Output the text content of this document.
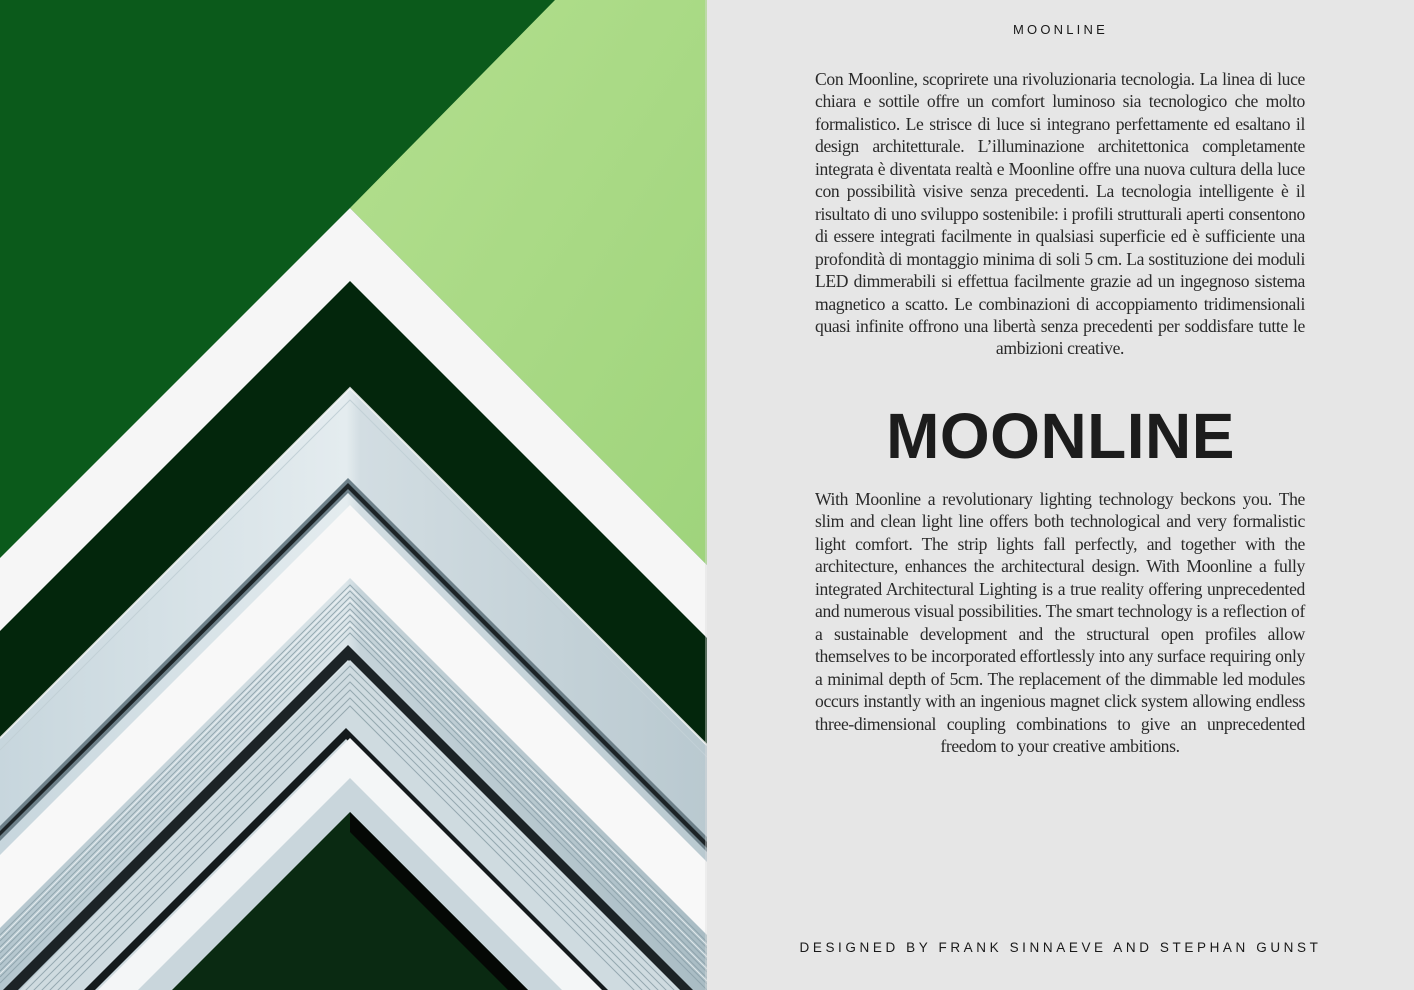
MOONLINE

Con Moonline, scoprirete una rivoluzionaria tecnologia. La linea di luce chiara e sottile offre un comfort luminoso sia tecnologico che molto formalistico. Le strisce di luce si integrano perfettamente ed esaltano il design architetturale. L’illuminazione architettonica completamente integrata è diventata realtà e Moonline offre una nuova cultura della luce con possibilità visive senza precedenti. La tecnologia intelligente è il risultato di uno sviluppo sostenibile: i profili strutturali aperti consentono di essere integrati facilmente in qualsiasi superficie ed è sufficiente una profondità di montaggio minima di soli 5 cm. La sostituzione dei moduli LED dimmerabili si effettua facilmente grazie ad un ingegnoso sistema magnetico a scatto. Le combinazioni di accoppiamento tridimensionali quasi infinite offrono una libertà senza precedenti per soddisfare tutte le ambizioni creative.

MOONLINE

With Moonline a revolutionary lighting technology beckons you. The slim and clean light line offers both technological and very formalistic light comfort. The strip lights fall perfectly, and together with the architecture, enhances the architectural design. With Moonline a fully integrated Architectural Lighting is a true reality offering unprecedented and numerous visual possibilities. The smart technology is a reflection of a sustainable development and the structural open profiles allow themselves to be incorporated effortlessly into any surface requiring only a minimal depth of 5cm. The replacement of the dimmable led modules occurs instantly with an ingenious magnet click system allowing endless three-dimensional coupling combinations to give an unprecedented freedom to your creative ambitions.

DESIGNED BY FRANK SINNAEVE AND STEPHAN GUNST
